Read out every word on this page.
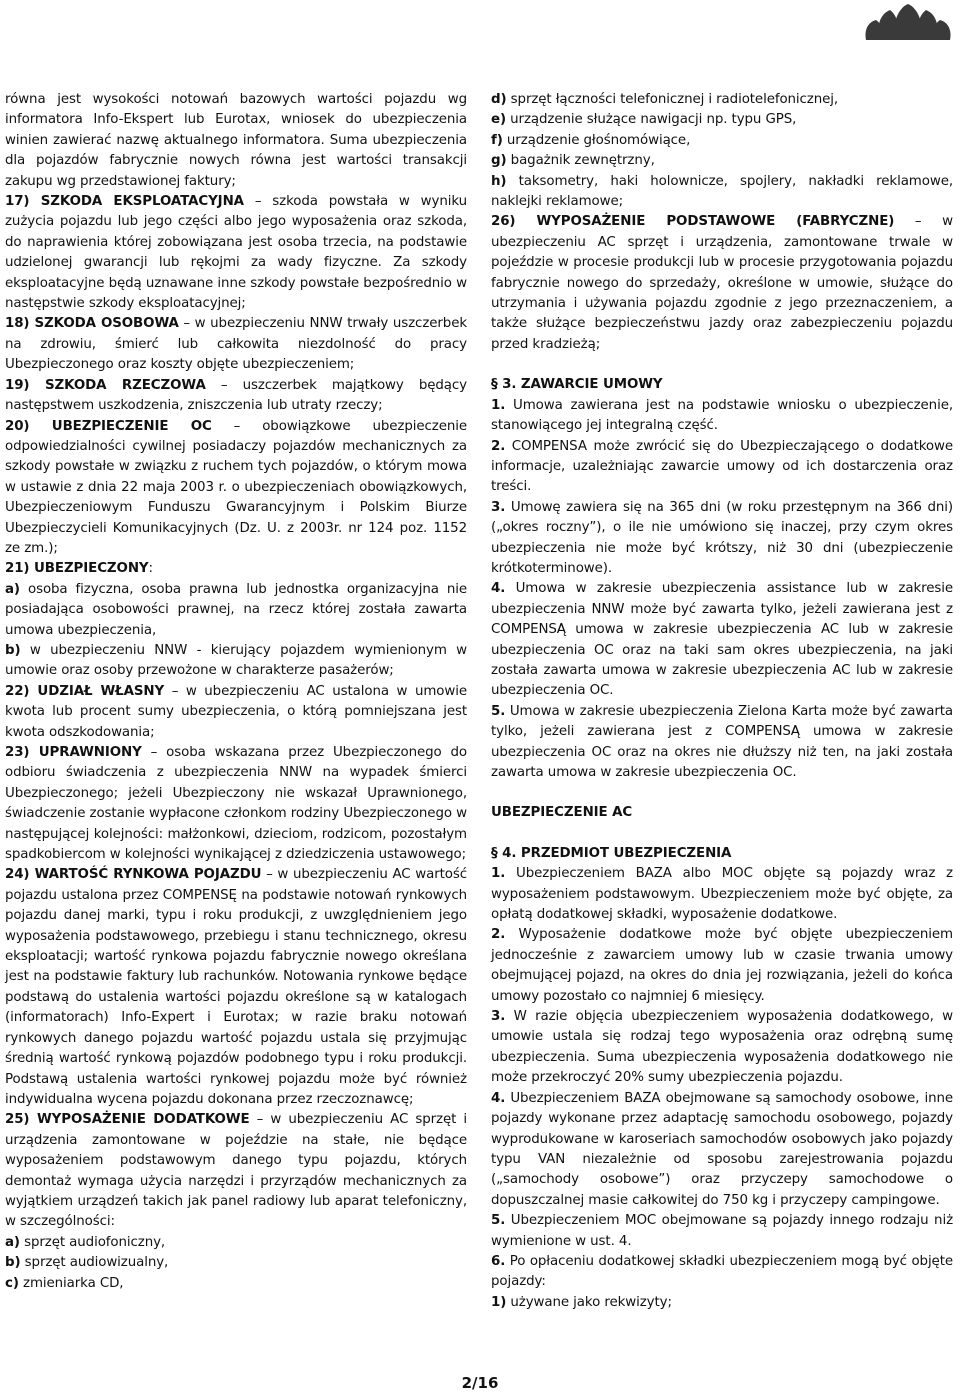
równa jest wysokości notowań bazowych wartości pojazdu wg informatora Info-Ekspert lub Eurotax, wniosek do ubezpieczenia winien zawierać nazwę aktualnego informatora. Suma ubezpieczenia dla pojazdów fabrycznie nowych równa jest wartości transakcji zakupu wg przedstawionej faktury;

17) SZKODA EKSPLOATACYJNA – szkoda powstała w wyniku zużycia pojazdu lub jego części albo jego wyposażenia oraz szkoda, do naprawienia której zobowiązana jest osoba trzecia, na podstawie udzielonej gwarancji lub rękojmi za wady fizyczne. Za szkody eksploatacyjne będą uznawane inne szkody powstałe bezpośrednio w następstwie szkody eksploatacyjnej;

18) SZKODA OSOBOWA – w ubezpieczeniu NNW trwały uszczerbek na zdrowiu, śmierć lub całkowita niezdolność do pracy Ubezpieczonego oraz koszty objęte ubezpieczeniem;

19) SZKODA RZECZOWA – uszczerbek majątkowy będący następstwem uszkodzenia, zniszczenia lub utraty rzeczy;

20) UBEZPIECZENIE OC – obowiązkowe ubezpieczenie odpowiedzialności cywilnej posiadaczy pojazdów mechanicznych za szkody powstałe w związku z ruchem tych pojazdów, o którym mowa w ustawie z dnia 22 maja 2003 r. o ubezpieczeniach obowiązkowych, Ubezpieczeniowym Funduszu Gwarancyjnym i Polskim Biurze Ubezpieczycieli Komunikacyjnych (Dz. U. z 2003r. nr 124 poz. 1152 ze zm.);

21) UBEZPIECZONY:

a) osoba fizyczna, osoba prawna lub jednostka organizacyjna nie posiadająca osobowości prawnej, na rzecz której została zawarta umowa ubezpieczenia,

b) w ubezpieczeniu NNW - kierujący pojazdem wymienionym w umowie oraz osoby przewożone w charakterze pasażerów;

22) UDZIAŁ WŁASNY – w ubezpieczeniu AC ustalona w umowie kwota lub procent sumy ubezpieczenia, o którą pomniejszana jest kwota odszkodowania;

23) UPRAWNIONY – osoba wskazana przez Ubezpieczonego do odbioru świadczenia z ubezpieczenia NNW na wypadek śmierci Ubezpieczonego; jeżeli Ubezpieczony nie wskazał Uprawnionego, świadczenie zostanie wypłacone członkom rodziny Ubezpieczonego w następującej kolejności: małżonkowi, dzieciom, rodzicom, pozostałym spadkobiercom w kolejności wynikającej z dziedziczenia ustawowego;

24) WARTOŚĆ RYNKOWA POJAZDU – w ubezpieczeniu AC wartość pojazdu ustalona przez COMPENSĘ na podstawie notowań rynkowych pojazdu danej marki, typu i roku produkcji, z uwzględnieniem jego wyposażenia podstawowego, przebiegu i stanu technicznego, okresu eksploatacji; wartość rynkowa pojazdu fabrycznie nowego określana jest na podstawie faktury lub rachunków. Notowania rynkowe będące podstawą do ustalenia wartości pojazdu określone są w katalogach (informatorach) Info-Expert i Eurotax; w razie braku notowań rynkowych danego pojazdu wartość pojazdu ustala się przyjmując średnią wartość rynkową pojazdów podobnego typu i roku produkcji. Podstawą ustalenia wartości rynkowej pojazdu może być również indywidualna wycena pojazdu dokonana przez rzeczoznawcę;

25) WYPOSAŻENIE DODATKOWE – w ubezpieczeniu AC sprzęt i urządzenia zamontowane w pojeździe na stałe, nie będące wyposażeniem podstawowym danego typu pojazdu, których demontaż wymaga użycia narzędzi i przyrządów mechanicznych za wyjątkiem urządzeń takich jak panel radiowy lub aparat telefoniczny, w szczególności:

a) sprzęt audiofoniczny,

b) sprzęt audiowizualny,

c) zmieniarka CD,

d) sprzęt łączności telefonicznej i radiotelefonicznej,

e) urządzenie służące nawigacji np. typu GPS,

f) urządzenie głośnomówiące,

g) bagażnik zewnętrzny,

h) taksometry, haki holownicze, spojlery, nakładki reklamowe, naklejki reklamowe;

26) WYPOSAŻENIE PODSTAWOWE (FABRYCZNE) – w ubezpieczeniu AC sprzęt i urządzenia, zamontowane trwale w pojeździe w procesie produkcji lub w procesie przygotowania pojazdu fabrycznie nowego do sprzedaży, określone w umowie, służące do utrzymania i używania pojazdu zgodnie z jego przeznaczeniem, a także służące bezpieczeństwu jazdy oraz zabezpieczeniu pojazdu przed kradzieżą;

§ 3. ZAWARCIE UMOWY

1. Umowa zawierana jest na podstawie wniosku o ubezpieczenie, stanowiącego jej integralną część.

2. COMPENSA może zwrócić się do Ubezpieczającego o dodatkowe informacje, uzależniając zawarcie umowy od ich dostarczenia oraz treści.

3. Umowę zawiera się na 365 dni (w roku przestępnym na 366 dni) („okres roczny”), o ile nie umówiono się inaczej, przy czym okres ubezpieczenia nie może być krótszy, niż 30 dni (ubezpieczenie krótkoterminowe).

4. Umowa w zakresie ubezpieczenia assistance lub w zakresie ubezpieczenia NNW może być zawarta tylko, jeżeli zawierana jest z COMPENSĄ umowa w zakresie ubezpieczenia AC lub w zakresie ubezpieczenia OC oraz na taki sam okres ubezpieczenia, na jaki została zawarta umowa w zakresie ubezpieczenia AC lub w zakresie ubezpieczenia OC.

5. Umowa w zakresie ubezpieczenia Zielona Karta może być zawarta tylko, jeżeli zawierana jest z COMPENSĄ umowa w zakresie ubezpieczenia OC oraz na okres nie dłuższy niż ten, na jaki została zawarta umowa w zakresie ubezpieczenia OC.

UBEZPIECZENIE AC

§ 4. PRZEDMIOT UBEZPIECZENIA

1. Ubezpieczeniem BAZA albo MOC objęte są pojazdy wraz z wyposażeniem podstawowym. Ubezpieczeniem może być objęte, za opłatą dodatkowej składki, wyposażenie dodatkowe.

2. Wyposażenie dodatkowe może być objęte ubezpieczeniem jednocześnie z zawarciem umowy lub w czasie trwania umowy obejmującej pojazd, na okres do dnia jej rozwiązania, jeżeli do końca umowy pozostało co najmniej 6 miesięcy.

3. W razie objęcia ubezpieczeniem wyposażenia dodatkowego, w umowie ustala się rodzaj tego wyposażenia oraz odrębną sumę ubezpieczenia. Suma ubezpieczenia wyposażenia dodatkowego nie może przekroczyć 20% sumy ubezpieczenia pojazdu.

4. Ubezpieczeniem BAZA obejmowane są samochody osobowe, inne pojazdy wykonane przez adaptację samochodu osobowego, pojazdy wyprodukowane w karoseriach samochodów osobowych jako pojazdy typu VAN niezależnie od sposobu zarejestrowania pojazdu („samochody osobowe”) oraz przyczepy samochodowe o dopuszczalnej masie całkowitej do 750 kg i przyczepy campingowe.

5. Ubezpieczeniem MOC obejmowane są pojazdy innego rodzaju niż wymienione w ust. 4.

6. Po opłaceniu dodatkowej składki ubezpieczeniem mogą być objęte pojazdy:

1) używane jako rekwizyty;

2/16
